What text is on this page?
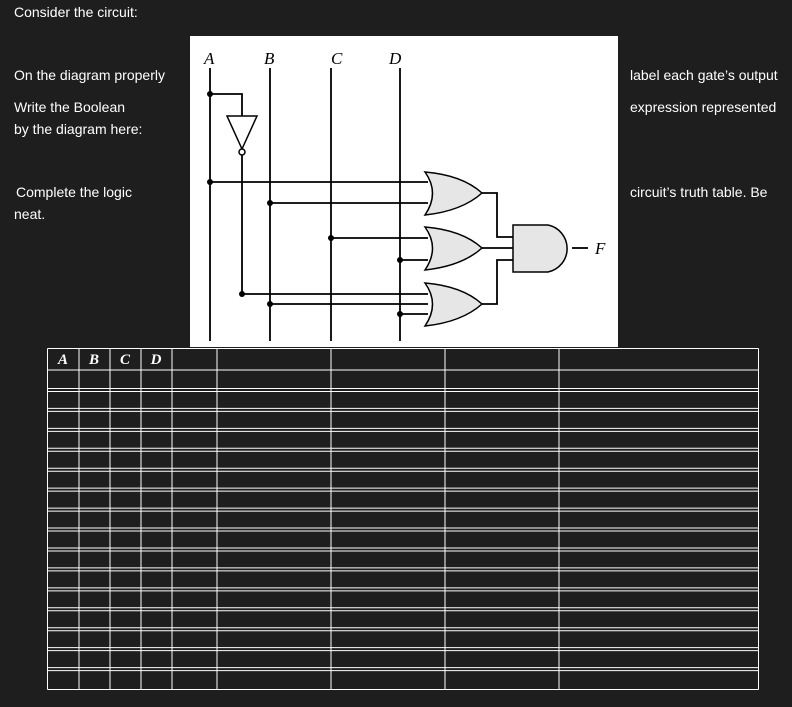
Consider the circuit:
On the diagram properly	label each gate’s output
Write the Boolean	expression represented
by the diagram here:
Complete the logic	circuit’s truth table. Be
neat.
A	B	C	D
F
A B C D
